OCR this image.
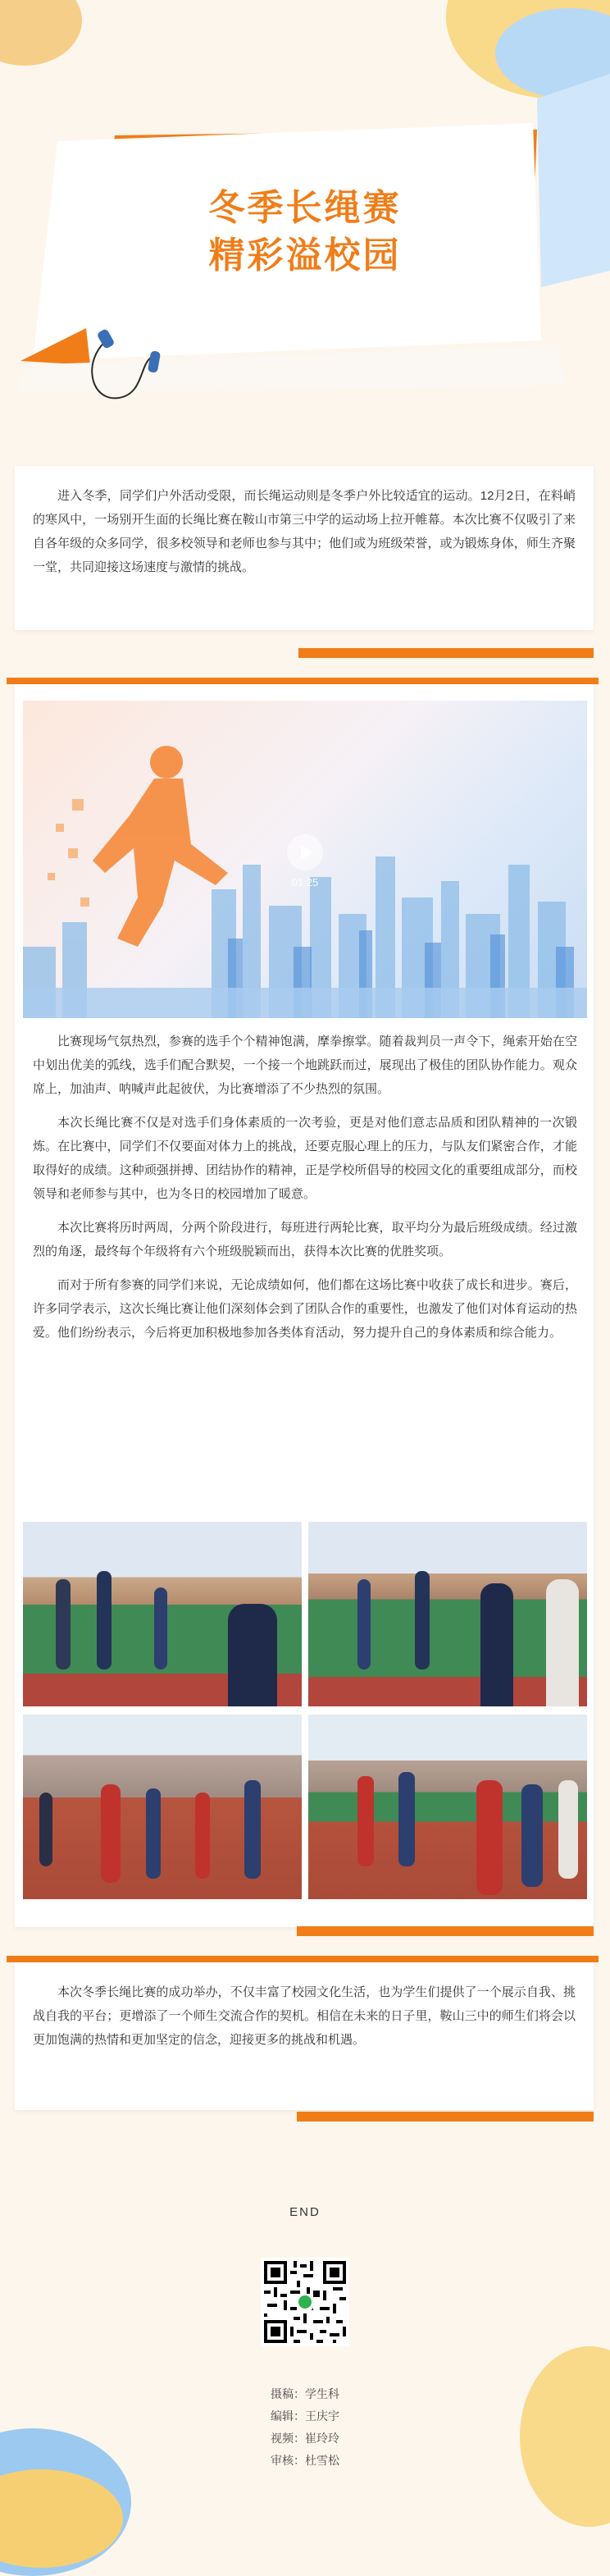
冬季长绳赛
精彩溢校园

进入冬季，同学们户外活动受限，而长绳运动则是冬季户外比较适宜的运动。12月2日，在料峭的寒风中，一场别开生面的长绳比赛在鞍山市第三中学的运动场上拉开帷幕。本次比赛不仅吸引了来自各年级的众多同学，很多校领导和老师也参与其中；他们或为班级荣誉，或为锻炼身体，师生齐聚一堂，共同迎接这场速度与激情的挑战。

01:25

比赛现场气氛热烈，参赛的选手个个精神饱满，摩拳擦掌。随着裁判员一声令下，绳索开始在空中划出优美的弧线，选手们配合默契，一个接一个地跳跃而过，展现出了极佳的团队协作能力。观众席上，加油声、呐喊声此起彼伏，为比赛增添了不少热烈的氛围。

本次长绳比赛不仅是对选手们身体素质的一次考验，更是对他们意志品质和团队精神的一次锻炼。在比赛中，同学们不仅要面对体力上的挑战，还要克服心理上的压力，与队友们紧密合作，才能取得好的成绩。这种顽强拼搏、团结协作的精神，正是学校所倡导的校园文化的重要组成部分，而校领导和老师参与其中，也为冬日的校园增加了暖意。

本次比赛将历时两周，分两个阶段进行，每班进行两轮比赛，取平均分为最后班级成绩。经过激烈的角逐，最终每个年级将有六个班级脱颖而出，获得本次比赛的优胜奖项。

而对于所有参赛的同学们来说，无论成绩如何，他们都在这场比赛中收获了成长和进步。赛后，许多同学表示，这次长绳比赛让他们深刻体会到了团队合作的重要性，也激发了他们对体育运动的热爱。他们纷纷表示，今后将更加积极地参加各类体育活动，努力提升自己的身体素质和综合能力。

本次冬季长绳比赛的成功举办，不仅丰富了校园文化生活，也为学生们提供了一个展示自我、挑战自我的平台；更增添了一个师生交流合作的契机。相信在未来的日子里，鞍山三中的师生们将会以更加饱满的热情和更加坚定的信念，迎接更多的挑战和机遇。

END
摄稿：学生科
编辑：王庆宇
视频：崔玲玲
审核：杜雪松
